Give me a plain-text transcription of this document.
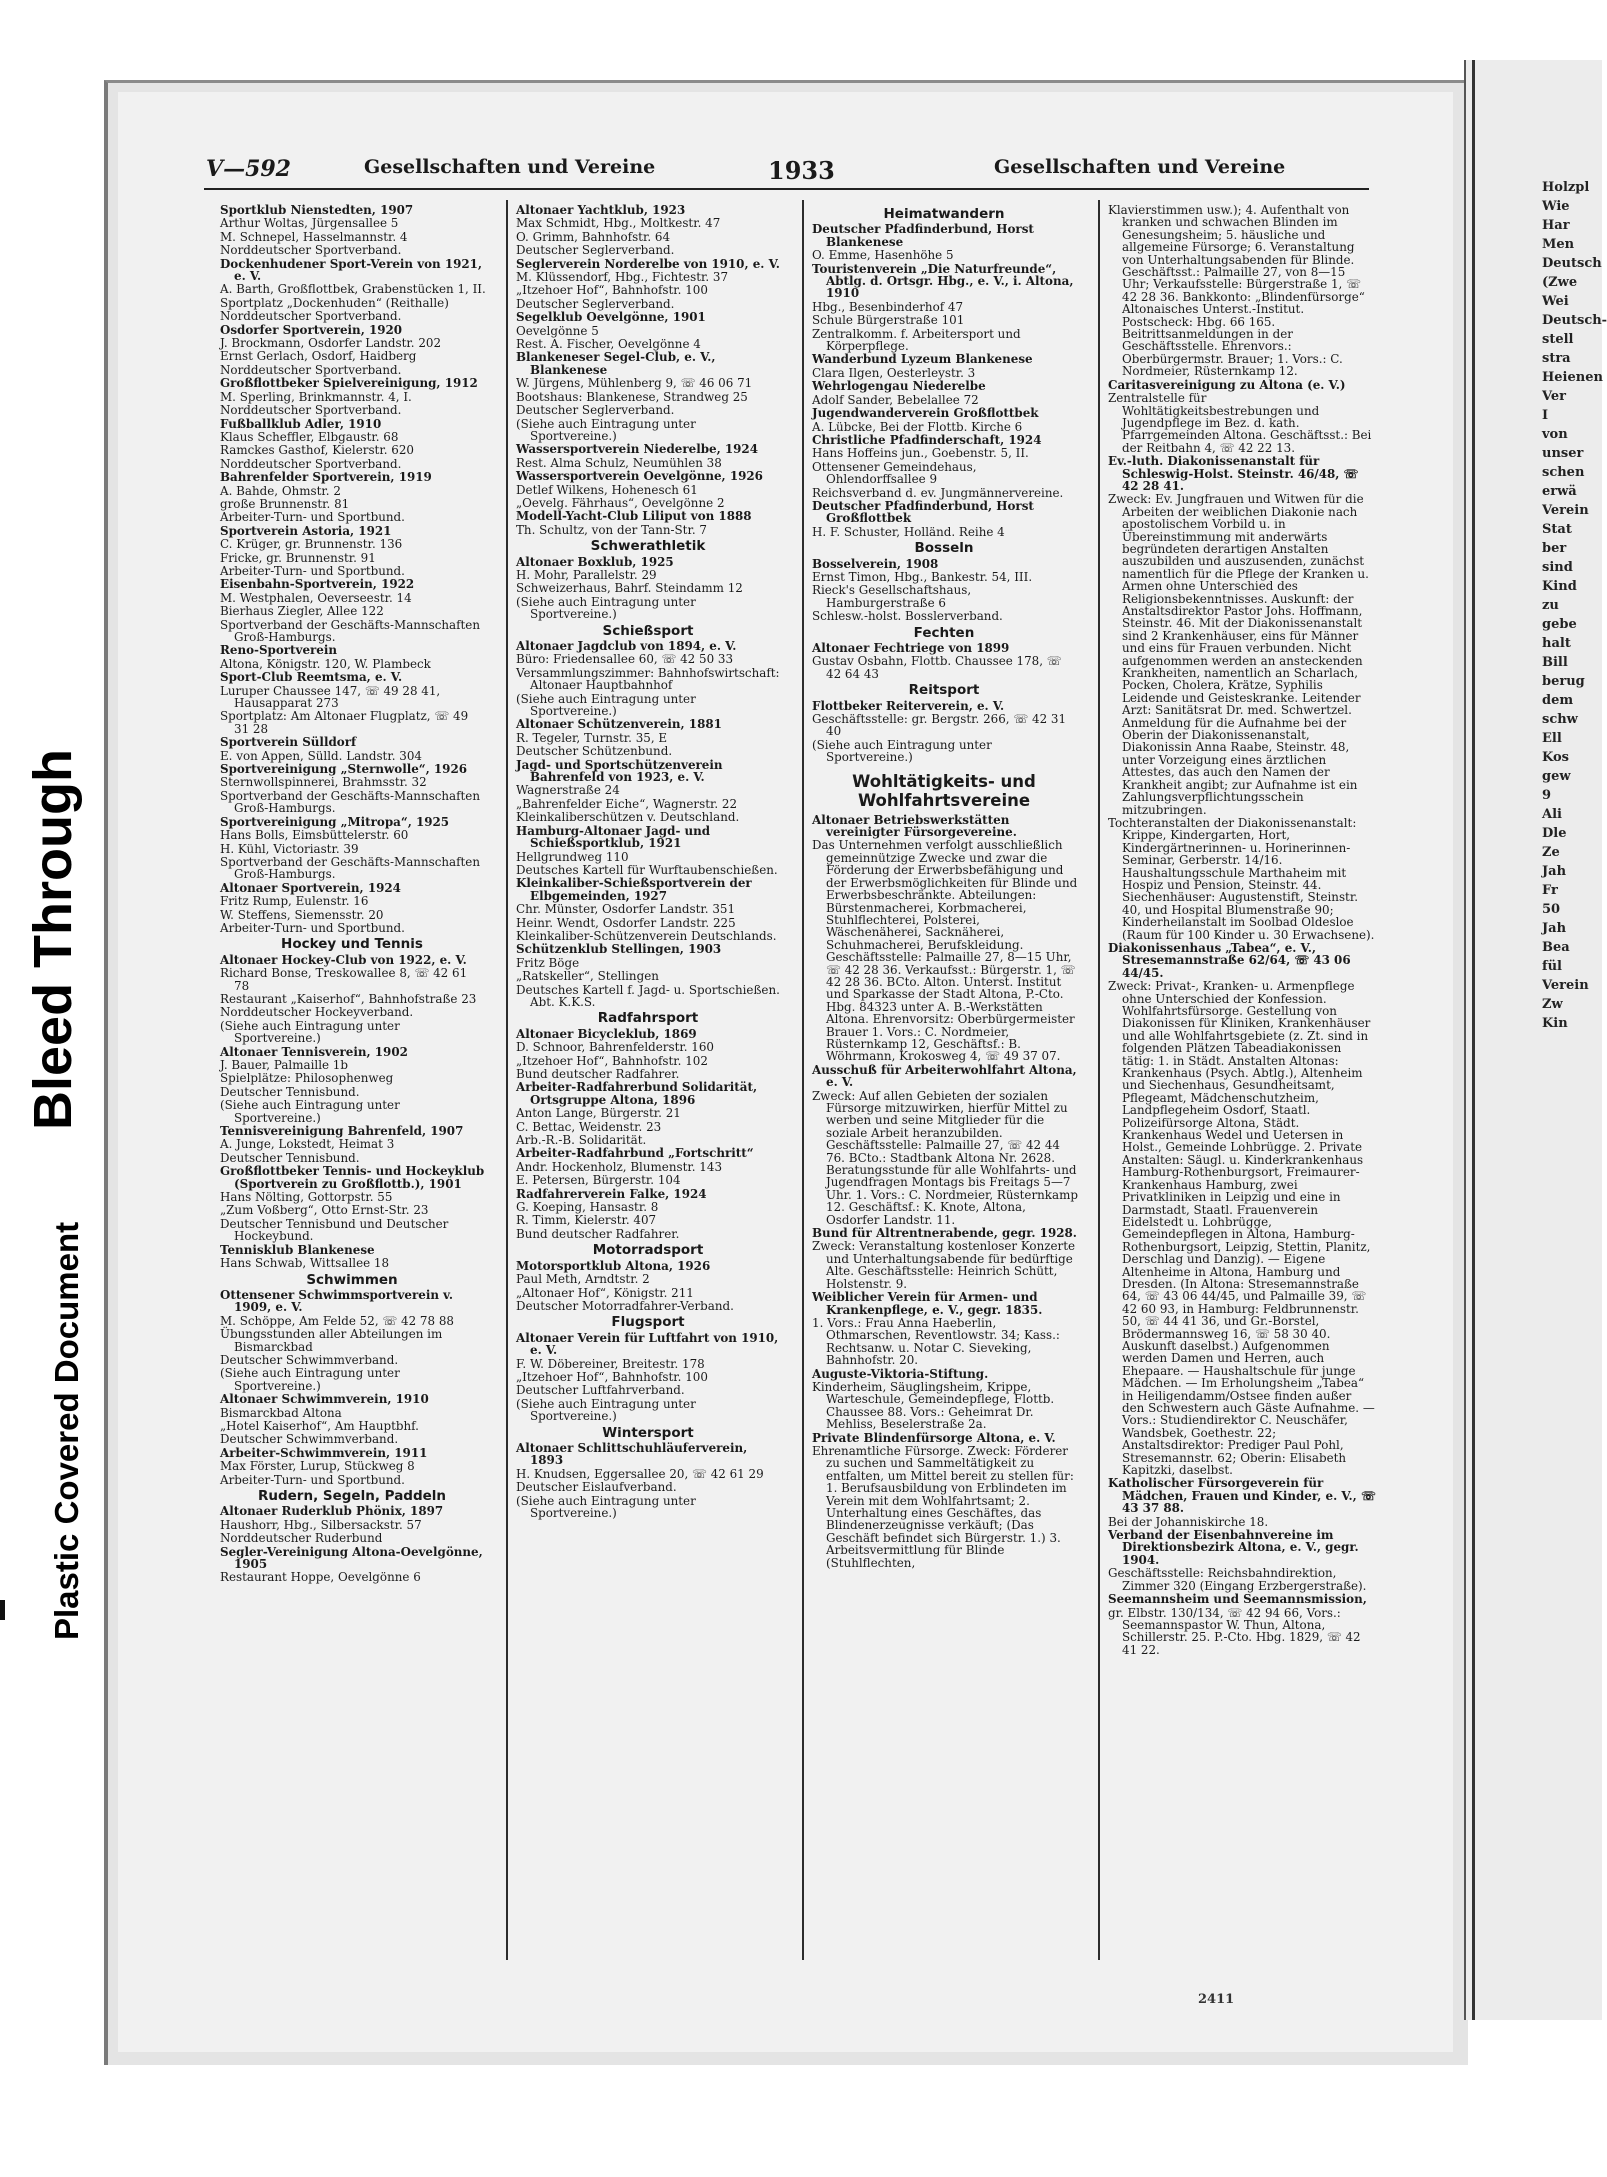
Bleed Through
Plastic Covered Document
V—592	Gesellschaften und Vereine	1933	Gesellschaften und Vereine

Sportklub Nienstedten, 1907

Arthur Woltas, Jürgensallee 5

M. Schnepel, Hasselmannstr. 4

Norddeutscher Sportverband.

Dockenhudener Sport-Verein von 1921, e. V.

A. Barth, Großflottbek, Grabenstücken 1, II.

Sportplatz „Dockenhuden“ (Reithalle)

Norddeutscher Sportverband.

Osdorfer Sportverein, 1920

J. Brockmann, Osdorfer Landstr. 202

Ernst Gerlach, Osdorf, Haidberg

Norddeutscher Sportverband.

Großflottbeker Spielvereinigung, 1912

M. Sperling, Brinkmannstr. 4, I.

Norddeutscher Sportverband.

Fußballklub Adler, 1910

Klaus Scheffler, Elbgaustr. 68

Ramckes Gasthof, Kielerstr. 620

Norddeutscher Sportverband.

Bahrenfelder Sportverein, 1919

A. Bahde, Ohmstr. 2

große Brunnenstr. 81

Arbeiter-Turn- und Sportbund.

Sportverein Astoria, 1921

C. Krüger, gr. Brunnenstr. 136

Fricke, gr. Brunnenstr. 91

Arbeiter-Turn- und Sportbund.

Eisenbahn-Sportverein, 1922

M. Westphalen, Oeverseestr. 14

Bierhaus Ziegler, Allee 122

Sportverband der Geschäfts-Mannschaften Groß-Hamburgs.

Reno-Sportverein

Altona, Königstr. 120, W. Plambeck

Sport-Club Reemtsma, e. V.

Luruper Chaussee 147, ☏ 49 28 41, Hausapparat 273

Sportplatz: Am Altonaer Flugplatz, ☏ 49 31 28

Sportverein Sülldorf

E. von Appen, Sülld. Landstr. 304

Sportvereinigung „Sternwolle“, 1926

Sternwollspinnerei, Brahmsstr. 32

Sportverband der Geschäfts-Mannschaften Groß-Hamburgs.

Sportvereinigung „Mitropa“, 1925

Hans Bolls, Eimsbüttelerstr. 60

H. Kühl, Victoriastr. 39

Sportverband der Geschäfts-Mannschaften Groß-Hamburgs.

Altonaer Sportverein, 1924

Fritz Rump, Eulenstr. 16

W. Steffens, Siemensstr. 20

Arbeiter-Turn- und Sportbund.

Hockey und Tennis

Altonaer Hockey-Club von 1922, e. V.

Richard Bonse, Treskowallee 8, ☏ 42 61 78

Restaurant „Kaiserhof“, Bahnhofstraße 23

Norddeutscher Hockeyverband.

(Siehe auch Eintragung unter Sportvereine.)

Altonaer Tennisverein, 1902

J. Bauer, Palmaille 1b

Spielplätze: Philosophenweg

Deutscher Tennisbund.

(Siehe auch Eintragung unter Sportvereine.)

Tennisvereinigung Bahrenfeld, 1907

A. Junge, Lokstedt, Heimat 3

Deutscher Tennisbund.

Großflottbeker Tennis- und Hockeyklub (Sportverein zu Großflottb.), 1901

Hans Nölting, Gottorpstr. 55

„Zum Voßberg“, Otto Ernst-Str. 23

Deutscher Tennisbund und Deutscher Hockeybund.

Tennisklub Blankenese

Hans Schwab, Wittsallee 18

Schwimmen

Ottensener Schwimmsportverein v. 1909, e. V.

M. Schöppe, Am Felde 52, ☏ 42 78 88

Übungsstunden aller Abteilungen im Bismarckbad

Deutscher Schwimmverband.

(Siehe auch Eintragung unter Sportvereine.)

Altonaer Schwimmverein, 1910

Bismarckbad Altona

„Hotel Kaiserhof“, Am Hauptbhf.

Deutscher Schwimmverband.

Arbeiter-Schwimmverein, 1911

Max Förster, Lurup, Stückweg 8

Arbeiter-Turn- und Sportbund.

Rudern, Segeln, Paddeln

Altonaer Ruderklub Phönix, 1897

Haushorr, Hbg., Silbersackstr. 57

Norddeutscher Ruderbund

Segler-Vereinigung Altona-Oevelgönne, 1905

Restaurant Hoppe, Oevelgönne 6

Altonaer Yachtklub, 1923

Max Schmidt, Hbg., Moltkestr. 47

O. Grimm, Bahnhofstr. 64

Deutscher Seglerverband.

Seglerverein Norderelbe von 1910, e. V.

M. Klüssendorf, Hbg., Fichtestr. 37

„Itzehoer Hof“, Bahnhofstr. 100

Deutscher Seglerverband.

Segelklub Oevelgönne, 1901

Oevelgönne 5

Rest. A. Fischer, Oevelgönne 4

Blankeneser Segel-Club, e. V., Blankenese

W. Jürgens, Mühlenberg 9, ☏ 46 06 71

Bootshaus: Blankenese, Strandweg 25

Deutscher Seglerverband.

(Siehe auch Eintragung unter Sportvereine.)

Wassersportverein Niederelbe, 1924

Rest. Alma Schulz, Neumühlen 38

Wassersportverein Oevelgönne, 1926

Detlef Wilkens, Hohenesch 61

„Oevelg. Fährhaus“, Oevelgönne 2

Modell-Yacht-Club Liliput von 1888

Th. Schultz, von der Tann-Str. 7

Schwerathletik

Altonaer Boxklub, 1925

H. Mohr, Parallelstr. 29

Schweizerhaus, Bahrf. Steindamm 12

(Siehe auch Eintragung unter Sportvereine.)

Schießsport

Altonaer Jagdclub von 1894, e. V.

Büro: Friedensallee 60, ☏ 42 50 33

Versammlungszimmer: Bahnhofswirtschaft: Altonaer Hauptbahnhof

(Siehe auch Eintragung unter Sportvereine.)

Altonaer Schützenverein, 1881

R. Tegeler, Turnstr. 35, E

Deutscher Schützenbund.

Jagd- und Sportschützenverein Bahrenfeld von 1923, e. V.

Wagnerstraße 24

„Bahrenfelder Eiche“, Wagnerstr. 22

Kleinkaliberschützen v. Deutschland.

Hamburg-Altonaer Jagd- und Schießsportklub, 1921

Hellgrundweg 110

Deutsches Kartell für Wurftaubenschießen.

Kleinkaliber-Schießsportverein der Elbgemeinden, 1927

Chr. Münster, Osdorfer Landstr. 351

Heinr. Wendt, Osdorfer Landstr. 225

Kleinkaliber-Schützenverein Deutschlands.

Schützenklub Stellingen, 1903

Fritz Böge

„Ratskeller“, Stellingen

Deutsches Kartell f. Jagd- u. Sportschießen. Abt. K.K.S.

Radfahrsport

Altonaer Bicycleklub, 1869

D. Schnoor, Bahrenfelderstr. 160

„Itzehoer Hof“, Bahnhofstr. 102

Bund deutscher Radfahrer.

Arbeiter-Radfahrerbund Solidarität, Ortsgruppe Altona, 1896

Anton Lange, Bürgerstr. 21

C. Bettac, Weidenstr. 23

Arb.-R.-B. Solidarität.

Arbeiter-Radfahrbund „Fortschritt“

Andr. Hockenholz, Blumenstr. 143

E. Petersen, Bürgerstr. 104

Radfahrerverein Falke, 1924

G. Koeping, Hansastr. 8

R. Timm, Kielerstr. 407

Bund deutscher Radfahrer.

Motorradsport

Motorsportklub Altona, 1926

Paul Meth, Arndtstr. 2

„Altonaer Hof“, Königstr. 211

Deutscher Motorradfahrer-Verband.

Flugsport

Altonaer Verein für Luftfahrt von 1910, e. V.

F. W. Döbereiner, Breitestr. 178

„Itzehoer Hof“, Bahnhofstr. 100

Deutscher Luftfahrverband.

(Siehe auch Eintragung unter Sportvereine.)

Wintersport

Altonaer Schlittschuhläuferverein, 1893

H. Knudsen, Eggersallee 20, ☏ 42 61 29

Deutscher Eislaufverband.

(Siehe auch Eintragung unter Sportvereine.)

Heimatwandern

Deutscher Pfadfinderbund, Horst Blankenese

O. Emme, Hasenhöhe 5

Touristenverein „Die Naturfreunde“, Abtlg. d. Ortsgr. Hbg., e. V., i. Altona, 1910

Hbg., Besenbinderhof 47

Schule Bürgerstraße 101

Zentralkomm. f. Arbeitersport und Körperpflege.

Wanderbund Lyzeum Blankenese

Clara Ilgen, Oesterleystr. 3

Wehrlogengau Niederelbe

Adolf Sander, Bebelallee 72

Jugendwanderverein Großflottbek

A. Lübcke, Bei der Flottb. Kirche 6

Christliche Pfadfinderschaft, 1924

Hans Hoffeins jun., Goebenstr. 5, II.

Ottensener Gemeindehaus, Ohlendorffsallee 9

Reichsverband d. ev. Jungmännervereine.

Deutscher Pfadfinderbund, Horst Großflottbek

H. F. Schuster, Holländ. Reihe 4

Bosseln

Bosselverein, 1908

Ernst Timon, Hbg., Bankestr. 54, III.

Rieck's Gesellschaftshaus, Hamburgerstraße 6

Schlesw.-holst. Bosslerverband.

Fechten

Altonaer Fechtriege von 1899

Gustav Osbahn, Flottb. Chaussee 178, ☏ 42 64 43

Reitsport

Flottbeker Reiterverein, e. V.

Geschäftsstelle: gr. Bergstr. 266, ☏ 42 31 40

(Siehe auch Eintragung unter Sportvereine.)

Wohltätigkeits- und Wohlfahrtsvereine

Altonaer Betriebswerkstätten vereinigter Fürsorgevereine.

Das Unternehmen verfolgt ausschließlich gemeinnützige Zwecke und zwar die Förderung der Erwerbsbefähigung und der Erwerbsmöglichkeiten für Blinde und Erwerbsbeschränkte. Abteilungen: Bürstenmacherei, Korbmacherei, Stuhlflechterei, Polsterei, Wäschenäherei, Sacknäherei, Schuhmacherei, Berufskleidung. Geschäftsstelle: Palmaille 27, 8—15 Uhr, ☏ 42 28 36. Verkaufsst.: Bürgerstr. 1, ☏ 42 28 36. BCto. Alton. Unterst. Institut und Sparkasse der Stadt Altona, P.-Cto. Hbg. 84323 unter A. B.-Werkstätten Altona. Ehrenvorsitz: Oberbürgermeister Brauer 1. Vors.: C. Nordmeier, Rüsternkamp 12, Geschäftsf.: B. Wöhrmann, Krokosweg 4, ☏ 49 37 07.

Ausschuß für Arbeiterwohlfahrt Altona, e. V.

Zweck: Auf allen Gebieten der sozialen Fürsorge mitzuwirken, hierfür Mittel zu werben und seine Mitglieder für die soziale Arbeit heranzubilden. Geschäftsstelle: Palmaille 27, ☏ 42 44 76. BCto.: Stadtbank Altona Nr. 2628. Beratungsstunde für alle Wohlfahrts- und Jugendfragen Montags bis Freitags 5—7 Uhr. 1. Vors.: C. Nordmeier, Rüsternkamp 12. Geschäftsf.: K. Knote, Altona, Osdorfer Landstr. 11.

Bund für Altrentnerabende, gegr. 1928.

Zweck: Veranstaltung kostenloser Konzerte und Unterhaltungsabende für bedürftige Alte. Geschäftsstelle: Heinrich Schütt, Holstenstr. 9.

Weiblicher Verein für Armen- und Krankenpflege, e. V., gegr. 1835.

1. Vors.: Frau Anna Haeberlin, Othmarschen, Reventlowstr. 34; Kass.: Rechtsanw. u. Notar C. Sieveking, Bahnhofstr. 20.

Auguste-Viktoria-Stiftung.

Kinderheim, Säuglingsheim, Krippe, Warteschule, Gemeindepflege, Flottb. Chaussee 88. Vors.: Geheimrat Dr. Mehliss, Beselerstraße 2a.

Private Blindenfürsorge Altona, e. V.

Ehrenamtliche Fürsorge. Zweck: Förderer zu suchen und Sammeltätigkeit zu entfalten, um Mittel bereit zu stellen für: 1. Berufsausbildung von Erblindeten im Verein mit dem Wohlfahrtsamt; 2. Unterhaltung eines Geschäftes, das Blindenerzeugnisse verkäuft; (Das Geschäft befindet sich Bürgerstr. 1.) 3. Arbeitsvermittlung für Blinde (Stuhlflechten,

Klavierstimmen usw.); 4. Aufenthalt von kranken und schwachen Blinden im Genesungsheim; 5. häusliche und allgemeine Fürsorge; 6. Veranstaltung von Unterhaltungsabenden für Blinde. Geschäftsst.: Palmaille 27, von 8—15 Uhr; Verkaufsstelle: Bürgerstraße 1, ☏ 42 28 36. Bankkonto: „Blindenfürsorge“ Altonaisches Unterst.-Institut. Postscheck: Hbg. 66 165. Beitrittsanmeldungen in der Geschäftsstelle. Ehrenvors.: Oberbürgermstr. Brauer; 1. Vors.: C. Nordmeier, Rüsternkamp 12.

Caritasvereinigung zu Altona (e. V.)

Zentralstelle für Wohltätigkeitsbestrebungen und Jugendpflege im Bez. d. kath. Pfarrgemeinden Altona. Geschäftsst.: Bei der Reitbahn 4, ☏ 42 22 13.

Ev.-luth. Diakonissenanstalt für Schleswig-Holst. Steinstr. 46/48, ☏ 42 28 41.

Zweck: Ev. Jungfrauen und Witwen für die Arbeiten der weiblichen Diakonie nach apostolischem Vorbild u. in Übereinstimmung mit anderwärts begründeten derartigen Anstalten auszubilden und auszusenden, zunächst namentlich für die Pflege der Kranken u. Armen ohne Unterschied des Religionsbekenntnisses. Auskunft: der Anstaltsdirektor Pastor Johs. Hoffmann, Steinstr. 46. Mit der Diakonissenanstalt sind 2 Krankenhäuser, eins für Männer und eins für Frauen verbunden. Nicht aufgenommen werden an ansteckenden Krankheiten, namentlich an Scharlach, Pocken, Cholera, Krätze, Syphilis Leidende und Geisteskranke. Leitender Arzt: Sanitätsrat Dr. med. Schwertzel. Anmeldung für die Aufnahme bei der Oberin der Diakonissenanstalt, Diakonissin Anna Raabe, Steinstr. 48, unter Vorzeigung eines ärztlichen Attestes, das auch den Namen der Krankheit angibt; zur Aufnahme ist ein Zahlungsverpflichtungsschein mitzubringen.

Tochteranstalten der Diakonissenanstalt: Krippe, Kindergarten, Hort, Kindergärtnerinnen- u. Horinerinnen-Seminar, Gerberstr. 14/16. Haushaltungsschule Marthaheim mit Hospiz und Pension, Steinstr. 44. Siechenhäuser: Augustenstift, Steinstr. 40, und Hospital Blumenstraße 90; Kinderheilanstalt im Soolbad Oldesloe (Raum für 100 Kinder u. 30 Erwachsene).

Diakonissenhaus „Tabea“, e. V., Stresemannstraße 62/64, ☏ 43 06 44/45.

Zweck: Privat-, Kranken- u. Armenpflege ohne Unterschied der Konfession. Wohlfahrtsfürsorge. Gestellung von Diakonissen für Kliniken, Krankenhäuser und alle Wohlfahrtsgebiete (z. Zt. sind in folgenden Plätzen Tabeadiakonissen tätig: 1. in Städt. Anstalten Altonas: Krankenhaus (Psych. Abtlg.), Altenheim und Siechenhaus, Gesundheitsamt, Pflegeamt, Mädchenschutzheim, Landpflegeheim Osdorf, Staatl. Polizeifürsorge Altona, Städt. Krankenhaus Wedel und Uetersen in Holst., Gemeinde Lohbrügge. 2. Private Anstalten: Säugl. u. Kinderkrankenhaus Hamburg-Rothenburgsort, Freimaurer-Krankenhaus Hamburg, zwei Privatkliniken in Leipzig und eine in Darmstadt, Staatl. Frauenverein Eidelstedt u. Lohbrügge, Gemeindepflegen in Altona, Hamburg-Rothenburgsort, Leipzig, Stettin, Planitz, Derschlag und Danzig). — Eigene Altenheime in Altona, Hamburg und Dresden. (In Altona: Stresemannstraße 64, ☏ 43 06 44/45, und Palmaille 39, ☏ 42 60 93, in Hamburg: Feldbrunnenstr. 50, ☏ 44 41 36, und Gr.-Borstel, Brödermannsweg 16, ☏ 58 30 40. Auskunft daselbst.) Aufgenommen werden Damen und Herren, auch Ehepaare. — Haushaltschule für junge Mädchen. — Im Erholungsheim „Tabea“ in Heiligendamm/Ostsee finden außer den Schwestern auch Gäste Aufnahme. — Vors.: Studiendirektor C. Neuschäfer, Wandsbek, Goethestr. 22; Anstaltsdirektor: Prediger Paul Pohl, Stresemannstr. 62; Oberin: Elisabeth Kapitzki, daselbst.

Katholischer Fürsorgeverein für Mädchen, Frauen und Kinder, e. V., ☏ 43 37 88.

Bei der Johanniskirche 18.

Verband der Eisenbahnvereine im Direktionsbezirk Altona, e. V., gegr. 1904.

Geschäftsstelle: Reichsbahndirektion, Zimmer 320 (Eingang Erzbergerstraße).

Seemannsheim und Seemannsmission,

gr. Elbstr. 130/134, ☏ 42 94 66, Vors.: Seemannspastor W. Thun, Altona, Schillerstr. 25. P.-Cto. Hbg. 1829, ☏ 42 41 22.

2411
Holzpl
Wie
Har
Men
Deutsch
(Zwe
Wei
Deutsch-
stell
stra
Heienen
Ver
I
von
unser
schen
erwä
Verein
Stat
ber
sind
Kind
zu
gebe
halt
Bill
berug
dem
schw
Ell
Kos
gew
9
Ali
Dle
Ze
Jah
Fr
50
Jah
Bea
fül
Verein
Zw
Kin
